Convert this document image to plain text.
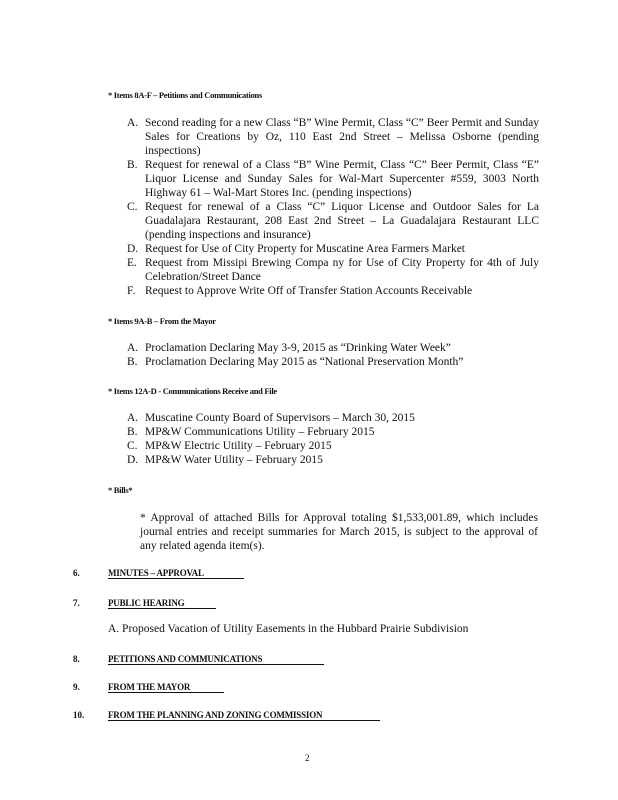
* Items 8A-F – Petitions and Communications
A. Second reading for a new Class “B” Wine Permit, Class “C” Beer Permit and Sunday Sales for Creations by Oz, 110 East 2nd Street – Melissa Osborne (pending inspections)
B. Request for renewal of a Class “B” Wine Permit, Class “C” Beer Permit, Class “E” Liquor License and Sunday Sales for Wal-Mart Supercenter #559, 3003 North Highway 61 – Wal-Mart Stores Inc. (pending inspections)
C. Request for renewal of a Class “C” Liquor License and Outdoor Sales for La Guadalajara Restaurant, 208 East 2nd Street – La Guadalajara Restaurant LLC (pending inspections and insurance)
D. Request for Use of City Property for Muscatine Area Farmers Market
E. Request from Missipi Brewing Compa ny for Use of City Property for 4th of July Celebration/Street Dance
F. Request to Approve Write Off of Transfer Station Accounts Receivable
* Items 9A-B – From the Mayor
A. Proclamation Declaring May 3-9, 2015 as “Drinking Water Week”
B. Proclamation Declaring May 2015 as “National Preservation Month”
* Items 12A-D - Communications Receive and File
A. Muscatine County Board of Supervisors – March 30, 2015
B. MP&W Communications Utility – February 2015
C. MP&W Electric Utility – February 2015
D. MP&W Water Utility – February 2015
* Bills*
* Approval of attached Bills for Approval totaling $1,533,001.89, which includes journal entries and receipt summaries for March 2015, is subject to the approval of any related agenda item(s).
6.	MINUTES – APPROVAL
7.	PUBLIC HEARING
A. Proposed Vacation of Utility Easements in the Hubbard Prairie Subdivision
8.	PETITIONS AND COMMUNICATIONS
9.	FROM THE MAYOR
10.	FROM THE PLANNING AND ZONING COMMISSION
2
